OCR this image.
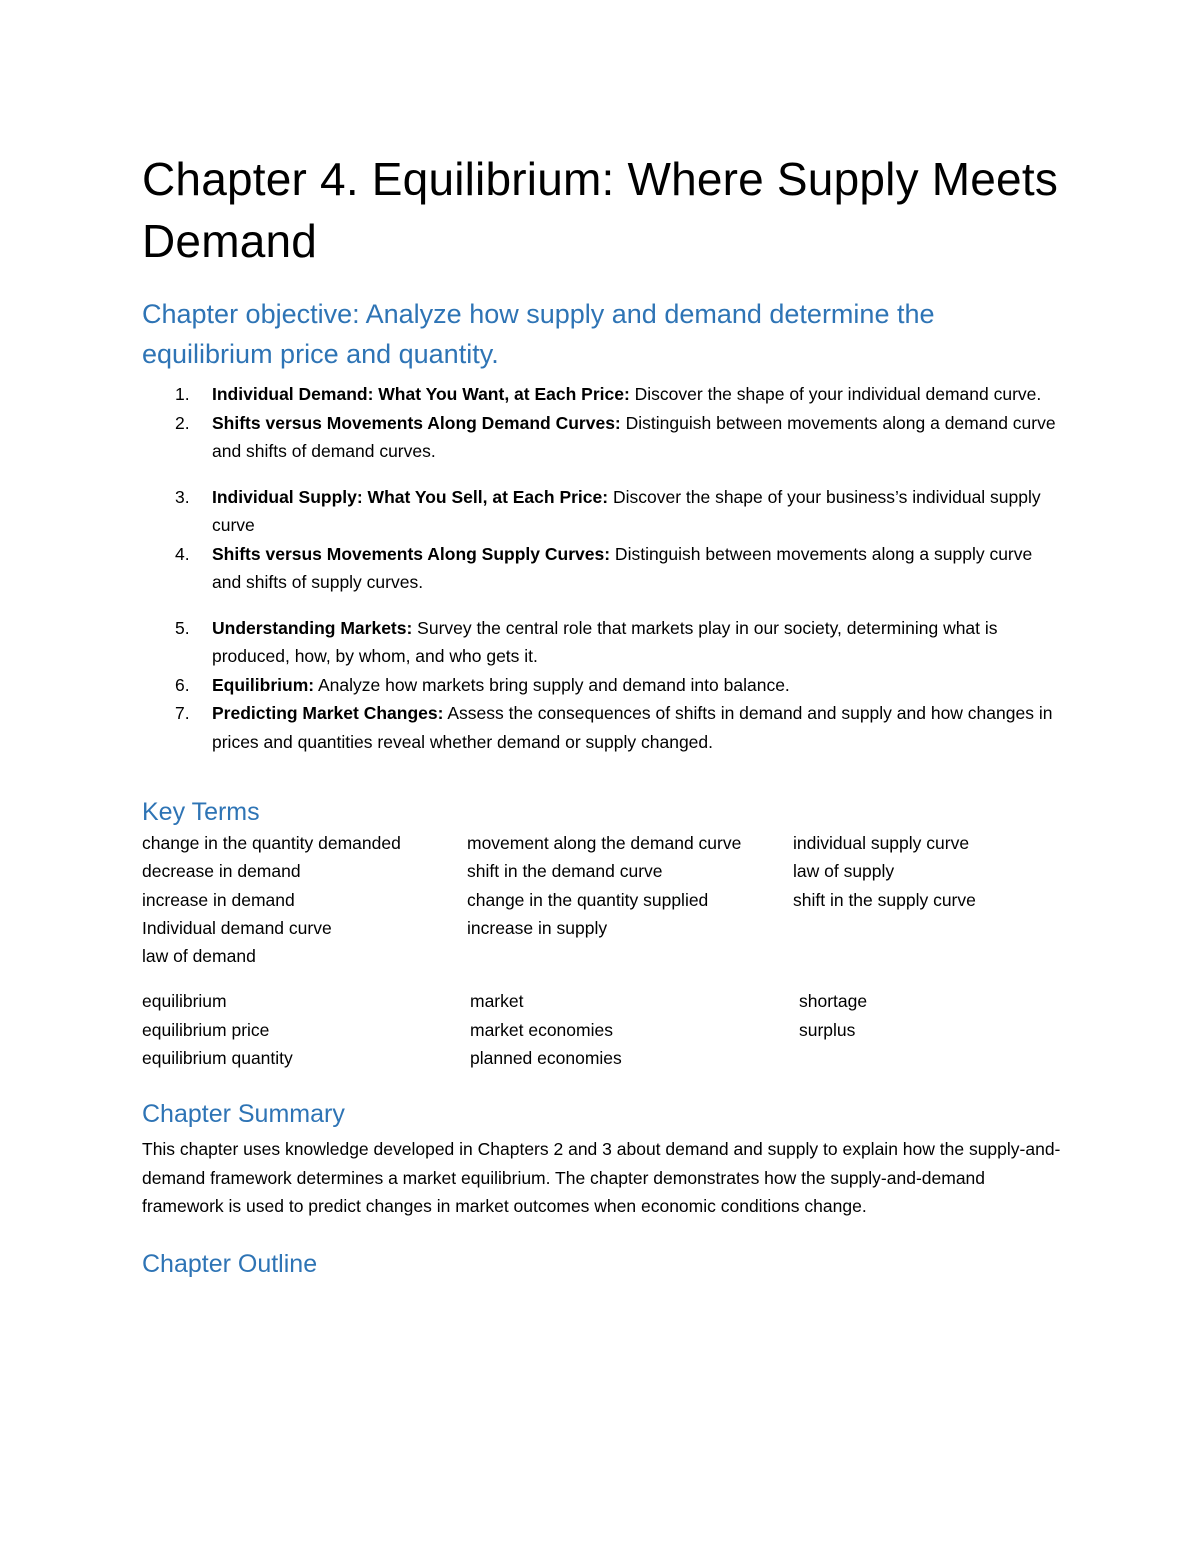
Chapter 4. Equilibrium: Where Supply Meets Demand
Chapter objective: Analyze how supply and demand determine the equilibrium price and quantity.
1. Individual Demand: What You Want, at Each Price: Discover the shape of your individual demand curve.
2. Shifts versus Movements Along Demand Curves: Distinguish between movements along a demand curve and shifts of demand curves.
3. Individual Supply: What You Sell, at Each Price: Discover the shape of your business’s individual supply curve
4. Shifts versus Movements Along Supply Curves: Distinguish between movements along a supply curve and shifts of supply curves.
5. Understanding Markets: Survey the central role that markets play in our society, determining what is produced, how, by whom, and who gets it.
6. Equilibrium: Analyze how markets bring supply and demand into balance.
7. Predicting Market Changes: Assess the consequences of shifts in demand and supply and how changes in prices and quantities reveal whether demand or supply changed.
Key Terms
change in the quantity demanded
decrease in demand
increase in demand
Individual demand curve
law of demand
movement along the demand curve
shift in the demand curve
change in the quantity supplied
increase in supply
individual supply curve
law of supply
shift in the supply curve
equilibrium
equilibrium price
equilibrium quantity
market
market economies
planned economies
shortage
surplus
Chapter Summary

This chapter uses knowledge developed in Chapters 2 and 3 about demand and supply to explain how the supply-and-demand framework determines a market equilibrium. The chapter demonstrates how the supply-and-demand framework is used to predict changes in market outcomes when economic conditions change.

Chapter Outline
